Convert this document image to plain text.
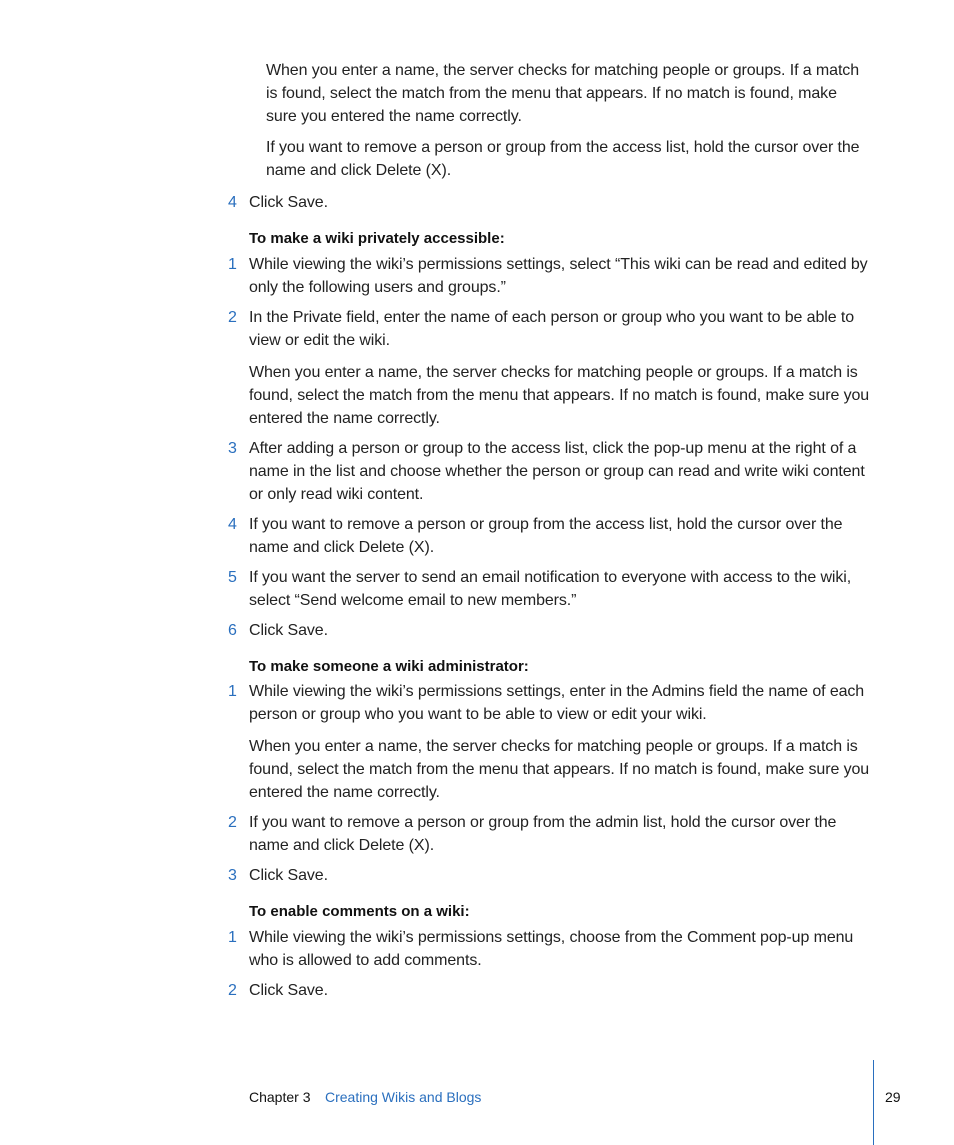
When you enter a name, the server checks for matching people or groups. If a match is found, select the match from the menu that appears. If no match is found, make sure you entered the name correctly.

If you want to remove a person or group from the access list, hold the cursor over the name and click Delete (X).

4 Click Save.
To make a wiki privately accessible:
1 While viewing the wiki’s permissions settings, select “This wiki can be read and edited by only the following users and groups.”
2 In the Private field, enter the name of each person or group who you want to be able to view or edit the wiki.

When you enter a name, the server checks for matching people or groups. If a match is found, select the match from the menu that appears. If no match is found, make sure you entered the name correctly.

3 After adding a person or group to the access list, click the pop-up menu at the right of a name in the list and choose whether the person or group can read and write wiki content or only read wiki content.
4 If you want to remove a person or group from the access list, hold the cursor over the name and click Delete (X).
5 If you want the server to send an email notification to everyone with access to the wiki, select “Send welcome email to new members.”
6 Click Save.
To make someone a wiki administrator:
1 While viewing the wiki’s permissions settings, enter in the Admins field the name of each person or group who you want to be able to view or edit your wiki.

When you enter a name, the server checks for matching people or groups. If a match is found, select the match from the menu that appears. If no match is found, make sure you entered the name correctly.

2 If you want to remove a person or group from the admin list, hold the cursor over the name and click Delete (X).
3 Click Save.
To enable comments on a wiki:
1 While viewing the wiki’s permissions settings, choose from the Comment pop-up menu who is allowed to add comments.
2 Click Save.
Chapter 3 Creating Wikis and Blogs	29
